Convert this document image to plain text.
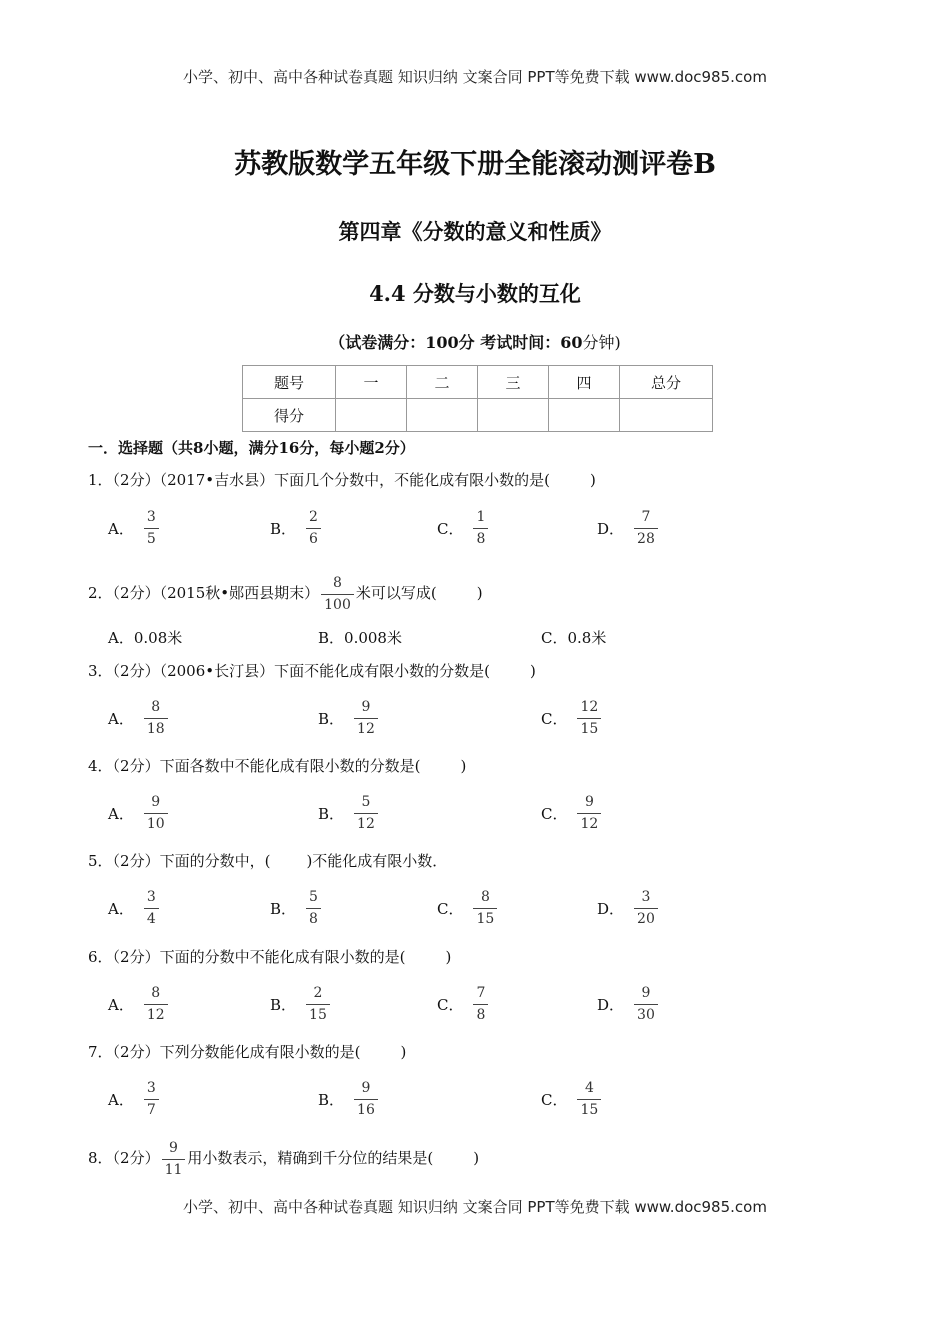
小学、初中、高中各种试卷真题 知识归纳 文案合同 PPT等免费下载 www.doc985.com
苏教版数学五年级下册全能滚动测评卷B
第四章《分数的意义和性质》
4.4 分数与小数的互化
（试卷满分：100分 考试时间：60分钟)
题号	一	二	三	四	总分
得分					
一．选择题（共8小题，满分16分，每小题2分）
1．（2分）（2017•吉水县）下面几个分数中，不能化成有限小数的是(	)
A． $\frac{3}{5}$	B． $\frac{2}{6}$	C． $\frac{1}{8}$	D． $\frac{7}{28}$
2．（2分）（2015秋•郧西县期末） $\frac{8}{100}$ 米可以写成(	)
A． 0.08米	B． 0.008米	C． 0.8米
3．（2分）（2006•长汀县）下面不能化成有限小数的分数是(	)
A． $\frac{8}{18}$	B． $\frac{9}{12}$	C． $\frac{12}{15}$
4．（2分）下面各数中不能化成有限小数的分数是(	)
A． $\frac{9}{10}$	B． $\frac{5}{12}$	C． $\frac{9}{12}$
5．（2分）下面的分数中，( )不能化成有限小数．
A． $\frac{3}{4}$	B． $\frac{5}{8}$	C． $\frac{8}{15}$	D． $\frac{3}{20}$
6．（2分）下面的分数中不能化成有限小数的是(	)
A． $\frac{8}{12}$	B． $\frac{2}{15}$	C． $\frac{7}{8}$	D． $\frac{9}{30}$
7．（2分）下列分数能化成有限小数的是(	)
A． $\frac{3}{7}$	B． $\frac{9}{16}$	C． $\frac{4}{15}$
8．（2分） $\frac{9}{11}$ 用小数表示，精确到千分位的结果是(	)
小学、初中、高中各种试卷真题 知识归纳 文案合同 PPT等免费下载 www.doc985.com
